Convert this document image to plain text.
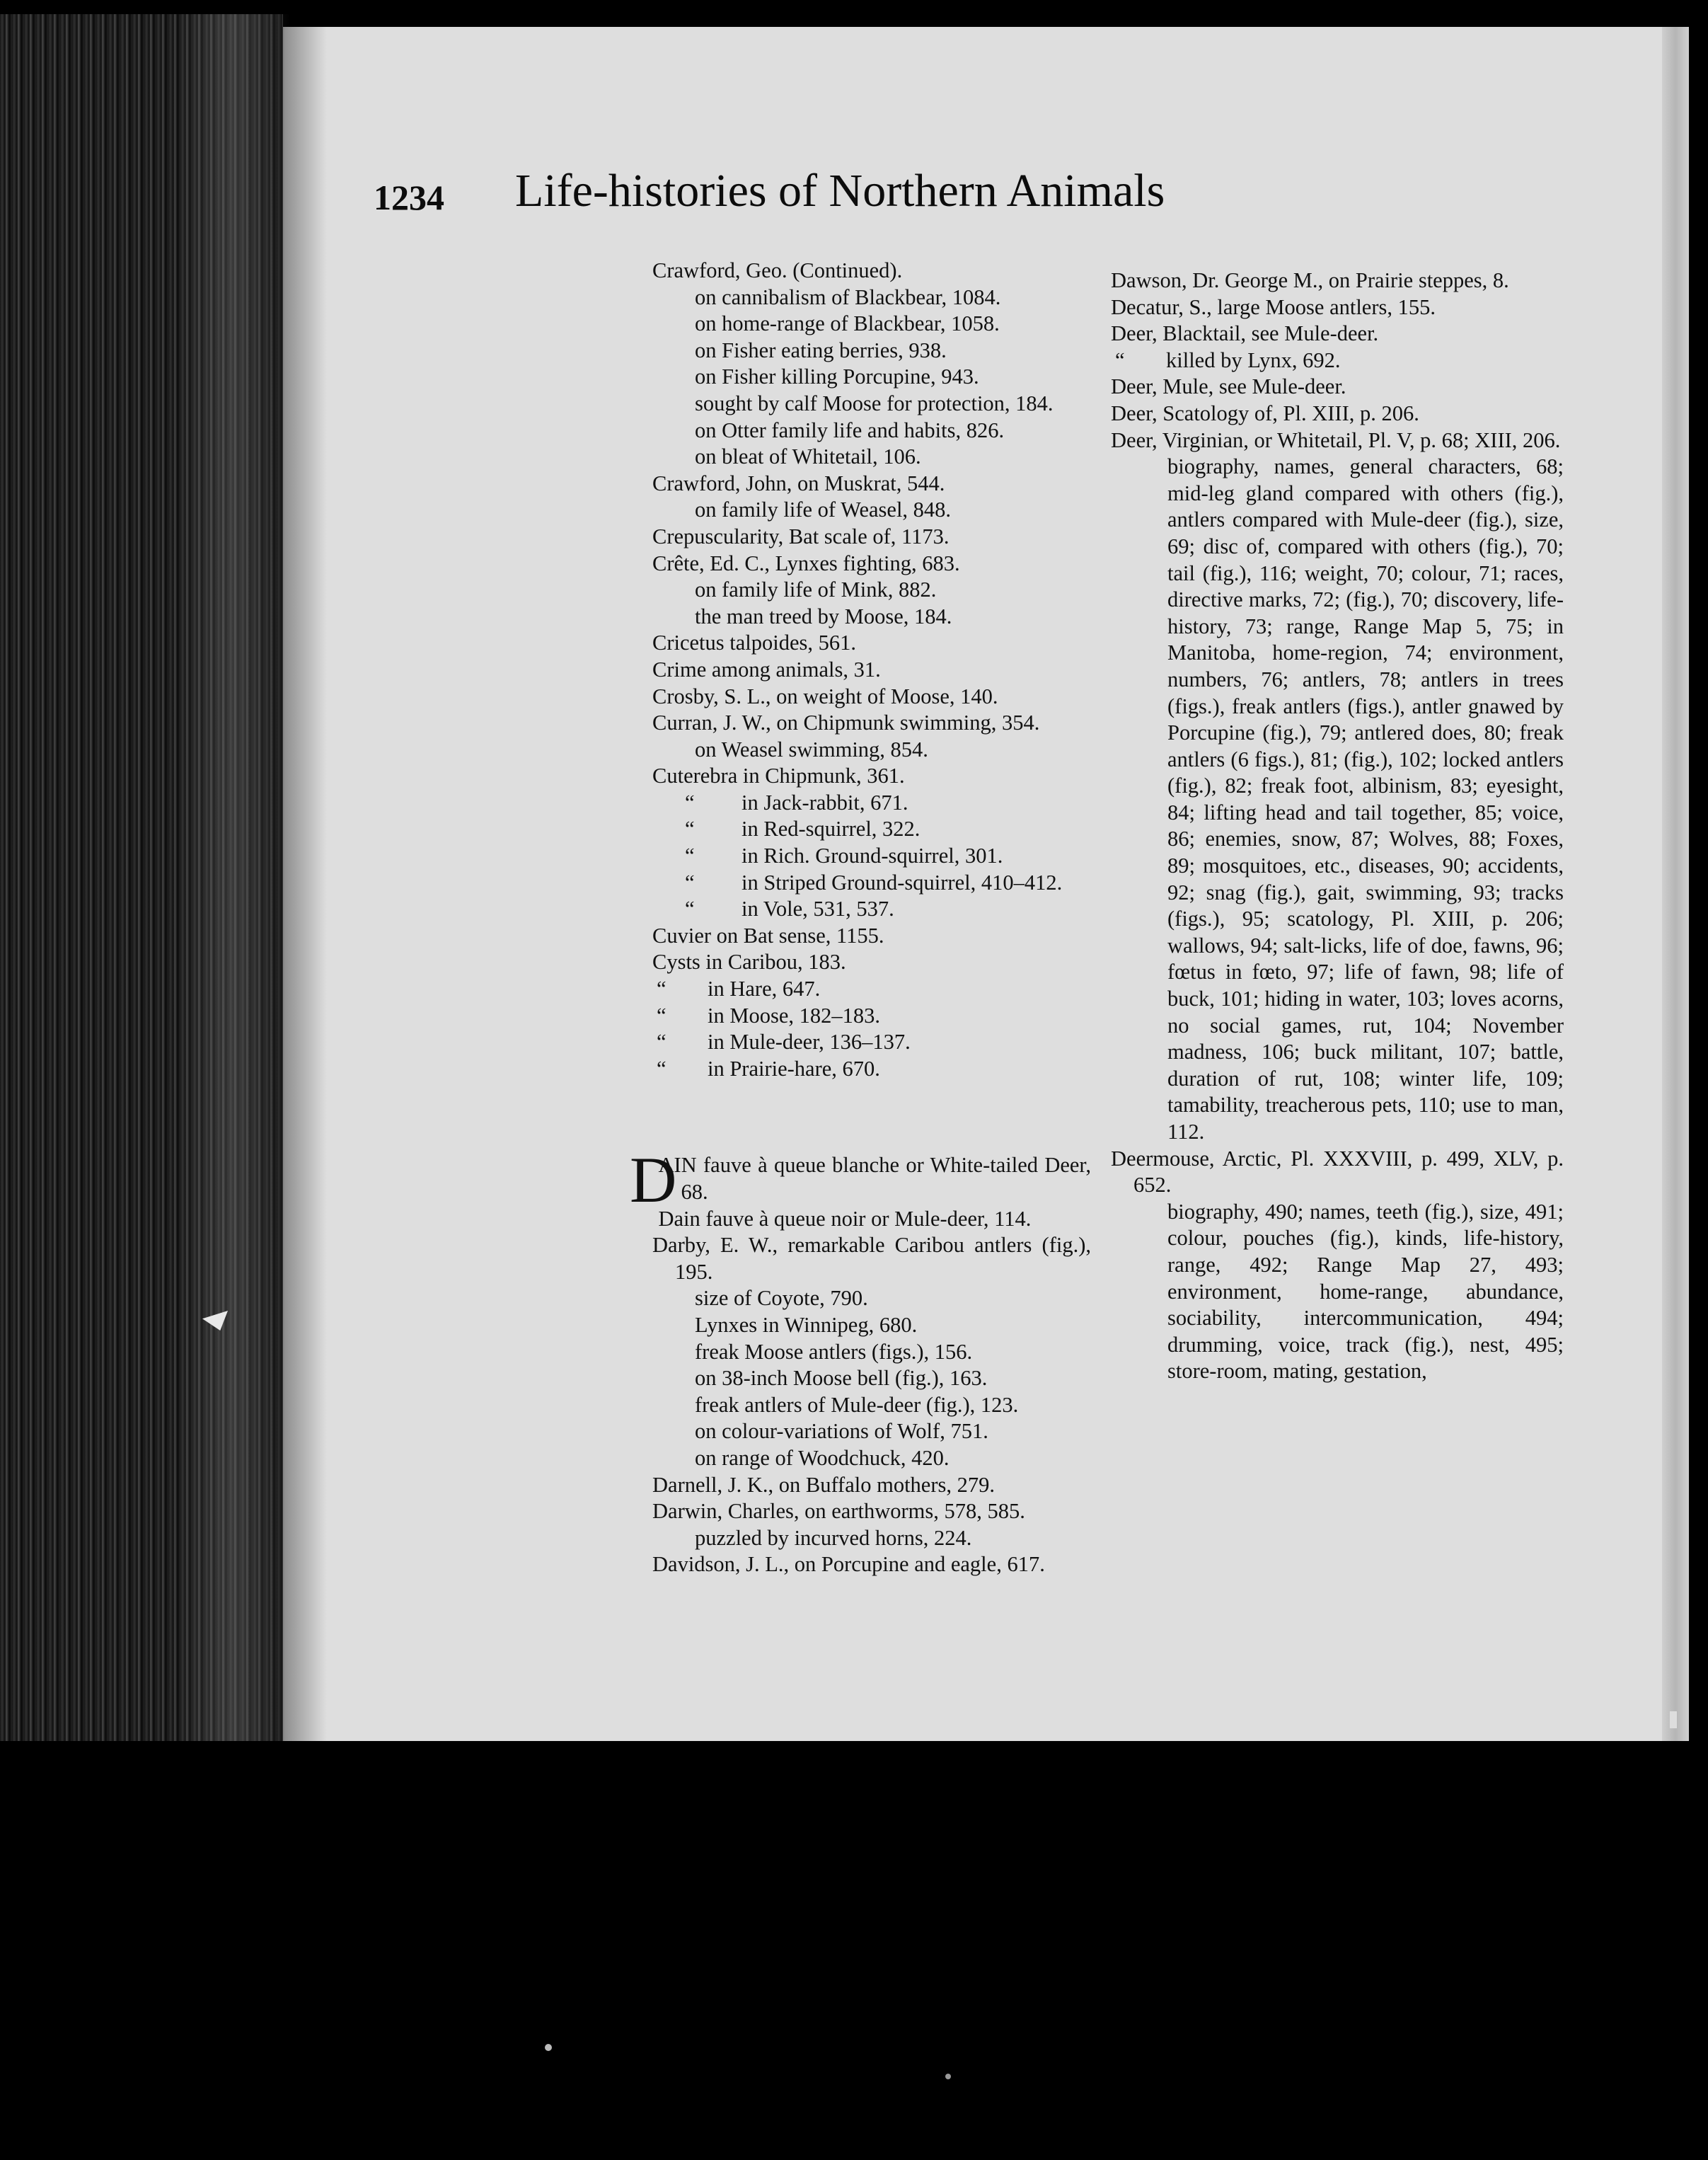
1234 Life-histories of Northern Animals

Crawford, Geo. (Continued).

on cannibalism of Blackbear, 1084.

on home-range of Blackbear, 1058.

on Fisher eating berries, 938.

on Fisher killing Porcupine, 943.

sought by calf Moose for protection, 184.

on Otter family life and habits, 826.

on bleat of Whitetail, 106.

Crawford, John, on Muskrat, 544.

on family life of Weasel, 848.

Crepuscularity, Bat scale of, 1173.

Crête, Ed. C., Lynxes fighting, 683.

on family life of Mink, 882.

the man treed by Moose, 184.

Cricetus talpoides, 561.

Crime among animals, 31.

Crosby, S. L., on weight of Moose, 140.

Curran, J. W., on Chipmunk swimming, 354.

on Weasel swimming, 854.

Cuterebra in Chipmunk, 361.

“ in Jack-rabbit, 671.

“ in Red-squirrel, 322.

“ in Rich. Ground-squirrel, 301.

“ in Striped Ground-squirrel, 410–412.

“ in Vole, 531, 537.

Cuvier on Bat sense, 1155.

Cysts in Caribou, 183.

“ in Hare, 647.

“ in Moose, 182–183.

“ in Mule-deer, 136–137.

“ in Prairie-hare, 670.

D
AIN fauve à queue blanche or White-tailed Deer, 68.

Dain fauve à queue noir or Mule-deer, 114.

Darby, E. W., remarkable Caribou antlers (fig.), 195.

size of Coyote, 790.

Lynxes in Winnipeg, 680.

freak Moose antlers (figs.), 156.

on 38-inch Moose bell (fig.), 163.

freak antlers of Mule-deer (fig.), 123.

on colour-variations of Wolf, 751.

on range of Woodchuck, 420.

Darnell, J. K., on Buffalo mothers, 279.

Darwin, Charles, on earthworms, 578, 585.

puzzled by incurved horns, 224.

Davidson, J. L., on Porcupine and eagle, 617.

Dawson, Dr. George M., on Prairie steppes, 8.

Decatur, S., large Moose antlers, 155.

Deer, Blacktail, see Mule-deer.

“ killed by Lynx, 692.

Deer, Mule, see Mule-deer.

Deer, Scatology of, Pl. XIII, p. 206.

Deer, Virginian, or Whitetail, Pl. V, p. 68; XIII, 206.

biography, names, general characters, 68; mid-leg gland compared with others (fig.), antlers compared with Mule-deer (fig.), size, 69; disc of, compared with others (fig.), 70; tail (fig.), 116; weight, 70; colour, 71; races, directive marks, 72; (fig.), 70; discovery, life-history, 73; range, Range Map 5, 75; in Manitoba, home-region, 74; environment, numbers, 76; antlers, 78; antlers in trees (figs.), freak antlers (figs.), antler gnawed by Porcupine (fig.), 79; antlered does, 80; freak antlers (6 figs.), 81; (fig.), 102; locked antlers (fig.), 82; freak foot, albinism, 83; eyesight, 84; lifting head and tail together, 85; voice, 86; enemies, snow, 87; Wolves, 88; Foxes, 89; mosquitoes, etc., diseases, 90; accidents, 92; snag (fig.), gait, swimming, 93; tracks (figs.), 95; scatology, Pl. XIII, p. 206; wallows, 94; salt-licks, life of doe, fawns, 96; fœtus in fœto, 97; life of fawn, 98; life of buck, 101; hiding in water, 103; loves acorns, no social games, rut, 104; November madness, 106; buck militant, 107; battle, duration of rut, 108; winter life, 109; tamability, treacherous pets, 110; use to man, 112.

Deermouse, Arctic, Pl. XXXVIII, p. 499, XLV, p. 652.

biography, 490; names, teeth (fig.), size, 491; colour, pouches (fig.), kinds, life-history, range, 492; Range Map 27, 493; environment, home-range, abundance, sociability, intercommunication, 494; drumming, voice, track (fig.), nest, 495; store-room, mating, gestation,
